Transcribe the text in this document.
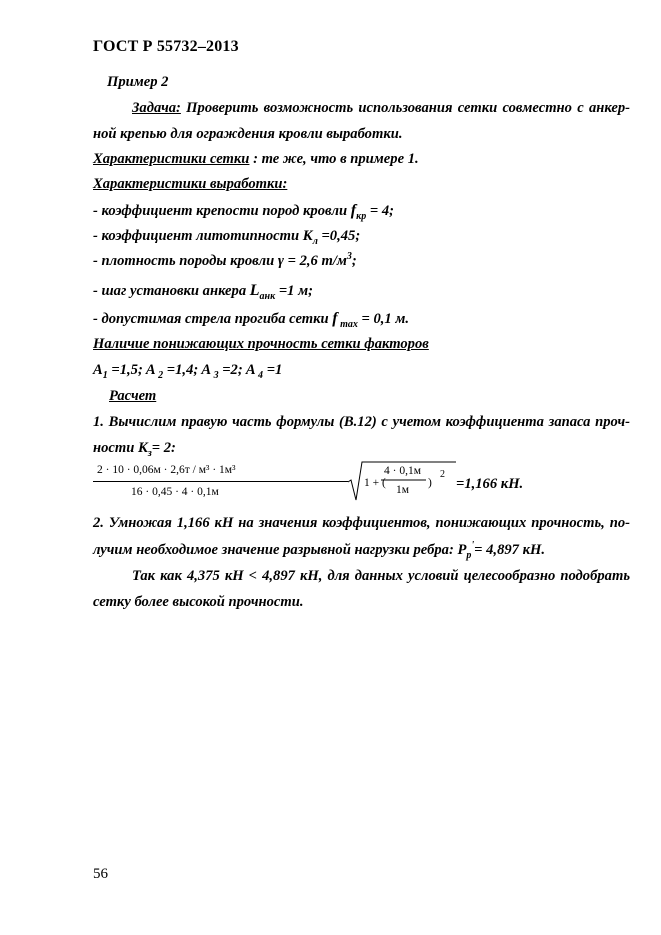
ГОСТ Р 55732–2013
Пример 2
Задача: Проверить возможность использования сетки совместно с анкер-
ной крепью для ограждения кровли выработки.
Характеристики сетки : те же, что в примере 1.
Характеристики выработки:
- коэффициент крепости пород кровли $f_{кр} = 4$;
- коэффициент литотипности $К_л =0,45$;
- плотность породы кровли γ = 2,6 $т/м^3$;
- шаг установки анкера $L_{анк} =1$ м;
- допустимая стрела прогиба сетки f $_{max}$ = 0,1 м.
Наличие понижающих прочность сетки факторов
$A_1 =1,5$; A $_2$ =1,4; A $_3$ =2; A $_4$ =1
Расчет
1. Вычислим правую часть формулы (В.12) с учетом коэффициента запаса проч-
ности $К_з= 2$:
2 · 10 · 0,06м · 2,6т / м³ · 1м³
16 · 0,45 · 4 · 0,1м
1 + (
4 · 0,1м
1м
)
2
=1,166 кН.
2. Умножая 1,166 кН на значения коэффициентов, понижающих прочность, по-
лучим необходимое значение разрывной нагрузки ребра: $P_p'= 4,897$ кН.
Так как 4,375 кН < 4,897 кН, для данных условий целесообразно подобрать
сетку более высокой прочности.
56
